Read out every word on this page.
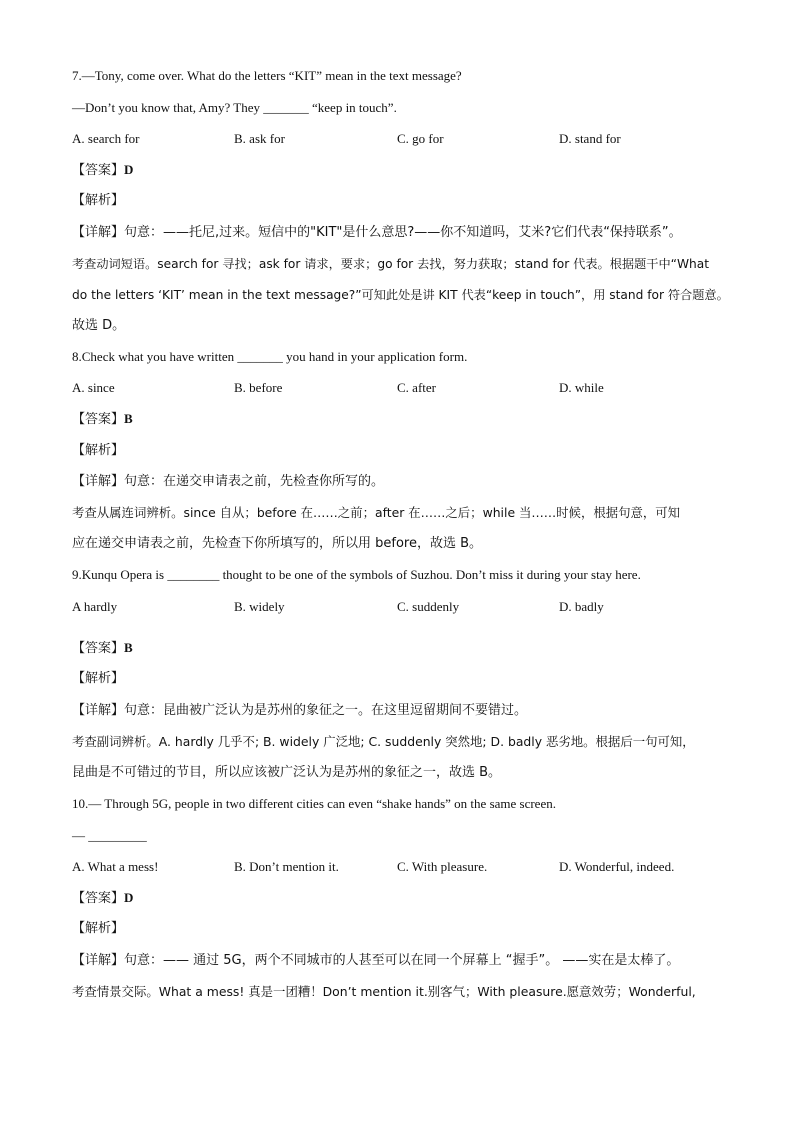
7.—Tony, come over. What do the letters “KIT” mean in the text message?
—Don’t you know that, Amy? They _______ “keep in touch”.
A. search for	B. ask for	C. go for	D. stand for
【答案】D
【解析】
【详解】句意：——托尼,过来。短信中的"KIT"是什么意思?——你不知道吗，艾米?它们代表“保持联系”。
考查动词短语。search for 寻找；ask for 请求，要求；go for 去找，努力获取；stand for 代表。根据题干中“What
do the letters ‘KIT’ mean in the text message?”可知此处是讲 KIT 代表“keep in touch”，用 stand for 符合题意。
故选 D。
8.Check what you have written _______ you hand in your application form.
A. since	B. before	C. after	D. while
【答案】B
【解析】
【详解】句意：在递交申请表之前，先检查你所写的。
考查从属连词辨析。since 自从；before 在……之前；after 在……之后；while 当……时候，根据句意，可知
应在递交申请表之前，先检查下你所填写的，所以用 before，故选 B。
9.Kunqu Opera is ________ thought to be one of the symbols of Suzhou. Don’t miss it during your stay here.
A hardly	B. widely	C. suddenly	D. badly
【答案】B
【解析】
【详解】句意：昆曲被广泛认为是苏州的象征之一。在这里逗留期间不要错过。
考查副词辨析。A. hardly 几乎不; B. widely 广泛地; C. suddenly 突然地; D. badly 恶劣地。根据后一句可知，
昆曲是不可错过的节目，所以应该被广泛认为是苏州的象征之一，故选 B。
10.— Through 5G, people in two different cities can even “shake hands” on the same screen.
— _________
A. What a mess!	B. Don’t mention it.	C. With pleasure.	D. Wonderful, indeed.
【答案】D
【解析】
【详解】句意：—— 通过 5G，两个不同城市的人甚至可以在同一个屏幕上 “握手”。 ——实在是太棒了。
考查情景交际。What a mess! 真是一团糟！Don’t mention it.别客气；With pleasure.愿意效劳；Wonderful,
